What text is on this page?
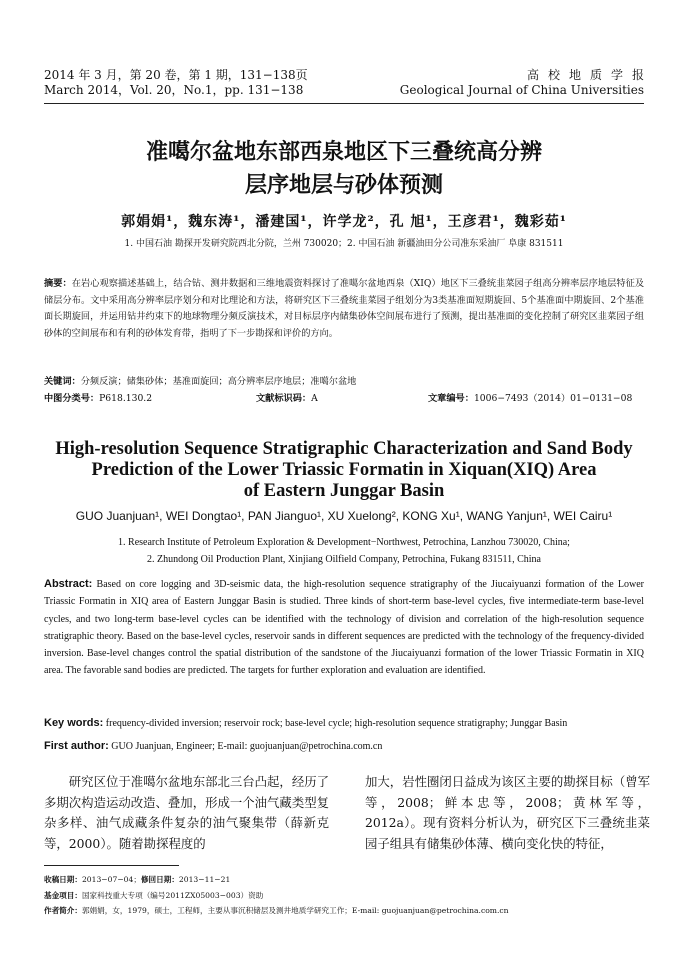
2014 年 3 月，第 20 卷，第 1 期，131−138页
March 2014，Vol. 20，No.1，pp. 131−138
高校地质学报
Geological Journal of China Universities
准噶尔盆地东部西泉地区下三叠统高分辨
层序地层与砂体预测
郭娟娟¹，魏东涛¹，潘建国¹，许学龙²，孔 旭¹，王彦君¹，魏彩茹¹
1. 中国石油 勘探开发研究院西北分院，兰州 730020；2. 中国石油 新疆油田分公司准东采油厂 阜康 831511
摘要：在岩心观察描述基础上，结合钻、测井数据和三维地震资料探讨了准噶尔盆地西泉（XIQ）地区下三叠统韭菜园子组高分辨率层序地层特征及储层分布。文中采用高分辨率层序划分和对比理论和方法，将研究区下三叠统韭菜园子组划分为3类基准面短期旋回、5个基准面中期旋回、2个基准面长期旋回，并运用钻井约束下的地球物理分频反演技术，对目标层序内储集砂体空间展布进行了预测，提出基准面的变化控制了研究区韭菜园子组砂体的空间展布和有利的砂体发育带，指明了下一步勘探和评价的方向。
关键词：分频反演；储集砂体；基准面旋回；高分辨率层序地层；准噶尔盆地
中图分类号：P618.130.2	文献标识码：A	文章编号：1006−7493（2014）01−0131−08
High-resolution Sequence Stratigraphic Characterization and Sand Body
Prediction of the Lower Triassic Formatin in Xiquan(XIQ) Area
of Eastern Junggar Basin
GUO Juanjuan¹, WEI Dongtao¹, PAN Jianguo¹, XU Xuelong², KONG Xu¹, WANG Yanjun¹, WEI Cairu¹
1. Research Institute of Petroleum Exploration & Development−Northwest, Petrochina, Lanzhou 730020, China;
2. Zhundong Oil Production Plant, Xinjiang Oilfield Company, Petrochina, Fukang 831511, China
Abstract: Based on core logging and 3D-seismic data, the high-resolution sequence stratigraphy of the Jiucaiyuanzi formation of the Lower Triassic Formatin in XIQ area of Eastern Junggar Basin is studied. Three kinds of short-term base-level cycles, five intermediate-term base-level cycles, and two long-term base-level cycles can be identified with the technology of division and correlation of the high-resolution sequence stratigraphic theory. Based on the base-level cycles, reservoir sands in different sequences are predicted with the technology of the frequency-divided inversion. Base-level changes control the spatial distribution of the sandstone of the Jiucaiyuanzi formation of the lower Triassic Formatin in XIQ area. The favorable sand bodies are predicted. The targets for further exploration and evaluation are identified.
Key words: frequency-divided inversion; reservoir rock; base-level cycle; high-resolution sequence stratigraphy; Junggar Basin
First author: GUO Juanjuan, Engineer; E-mail: guojuanjuan@petrochina.com.cn
研究区位于准噶尔盆地东部北三台凸起，经历了多期次构造运动改造、叠加，形成一个油气藏类型复杂多样、油气成藏条件复杂的油气聚集带（薛新克等，2000）。随着勘探程度的
加大，岩性圈闭日益成为该区主要的勘探目标（曾军等，2008；鲜本忠等，2008；黄林军等，2012a）。现有资料分析认为，研究区下三叠统韭菜园子组具有储集砂体薄、横向变化快的特征，
收稿日期：2013−07−04；修回日期：2013−11−21
基金项目：国家科技重大专项（编号2011ZX05003−003）资助
作者简介：郭娟娟，女，1979，硕士，工程师，主要从事沉积储层及测井地质学研究工作；E-mail: guojuanjuan@petrochina.com.cn
